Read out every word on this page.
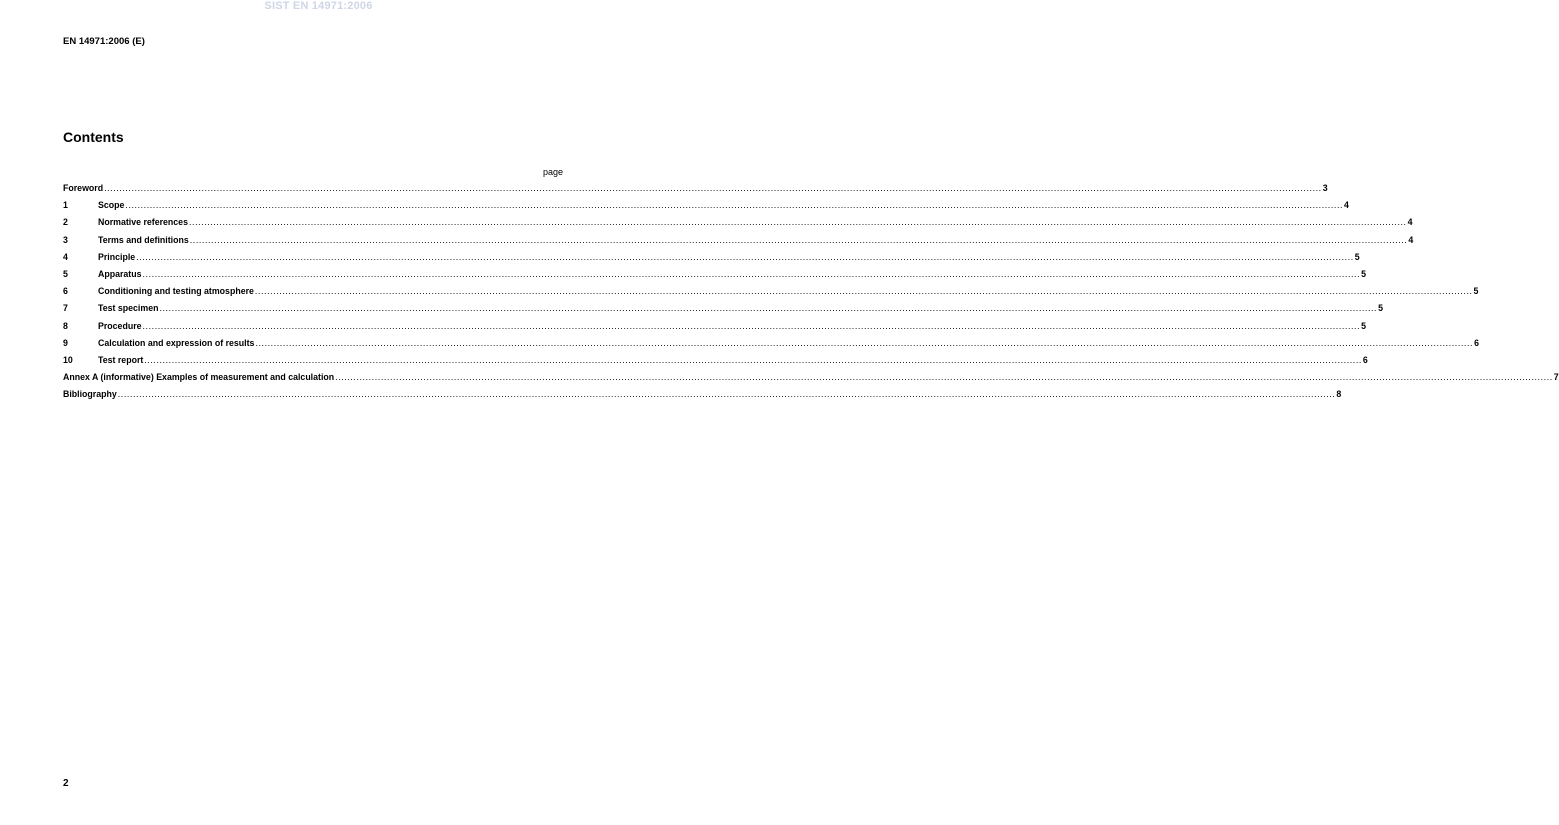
SIST EN 14971:2006
EN 14971:2006 (E)
Contents
page
Foreword ................................................................................................................................................................................................................................................................................................................................................................................................................ 3
1	Scope ................................................................................................................................................................................................................................................................................................................................................................................................................ 4
2	Normative references ................................................................................................................................................................................................................................................................................................................................................................................................................ 4
3	Terms and definitions ................................................................................................................................................................................................................................................................................................................................................................................................................ 4
4	Principle ................................................................................................................................................................................................................................................................................................................................................................................................................ 5
5	Apparatus ................................................................................................................................................................................................................................................................................................................................................................................................................ 5
6	Conditioning and testing atmosphere ................................................................................................................................................................................................................................................................................................................................................................................................................ 5
7	Test specimen ................................................................................................................................................................................................................................................................................................................................................................................................................ 5
8	Procedure ................................................................................................................................................................................................................................................................................................................................................................................................................ 5
9	Calculation and expression of results ................................................................................................................................................................................................................................................................................................................................................................................................................ 6
10	Test report ................................................................................................................................................................................................................................................................................................................................................................................................................ 6
Annex A (informative) Examples of measurement and calculation ................................................................................................................................................................................................................................................................................................................................................................................................................ 7
Bibliography ................................................................................................................................................................................................................................................................................................................................................................................................................ 8
2
